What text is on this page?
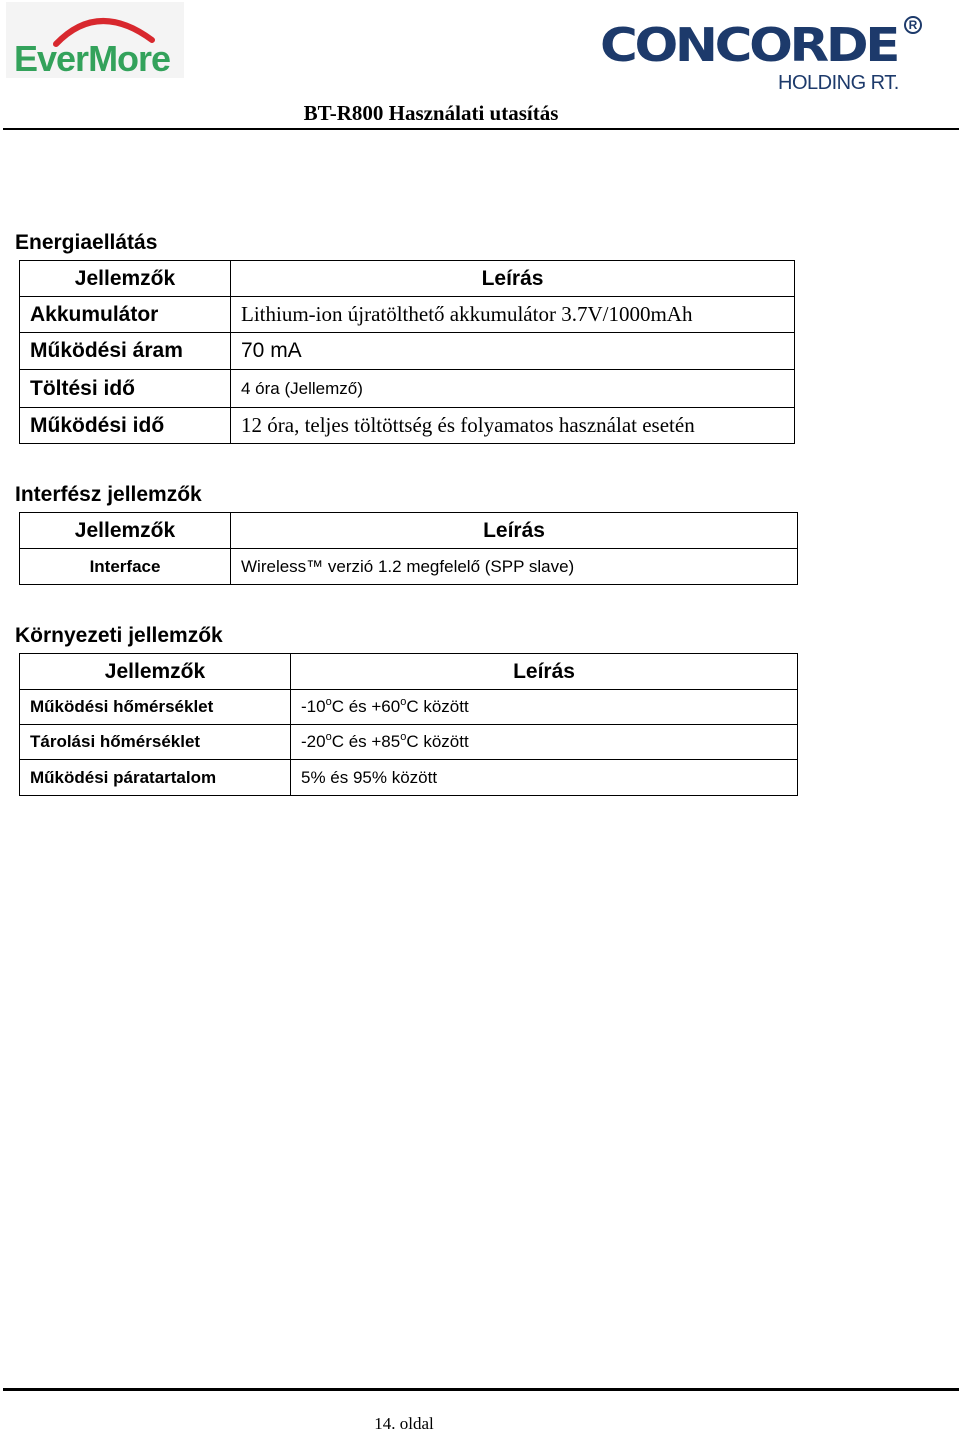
EverMore	CONCORDE
HOLDING RT.
R
BT-R800 Használati utasítás
Energiaellátás
Jellemzők	Leírás
Akkumulátor	Lithium-ion újratölthető akkumulátor 3.7V/1000mAh
Működési áram	70 mA
Töltési idő	4 óra (Jellemző)
Működési idő	12 óra, teljes töltöttség és folyamatos használat esetén
Interfész jellemzők
Jellemzők	Leírás
Interface	Wireless™ verzió 1.2 megfelelő (SPP slave)
Környezeti jellemzők
Jellemzők	Leírás
Működési hőmérséklet	-10$^o$C és $+60^oC$ között
Tárolási hőmérséklet	-20$^o$C és $+85^oC$ között
Működési páratartalom	5% és 95% között
14. oldal
